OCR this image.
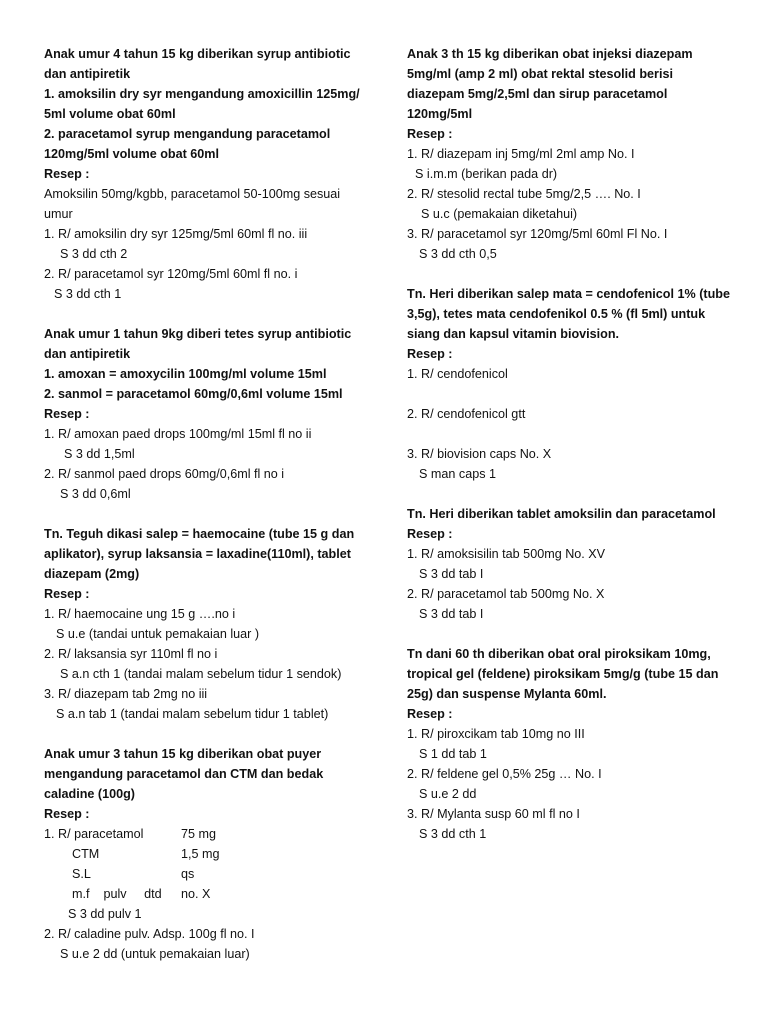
Anak umur 4 tahun 15 kg diberikan syrup antibiotic
dan antipiretik
1. amoksilin dry syr mengandung amoxicillin 125mg/
5ml volume obat 60ml
2. paracetamol syrup mengandung paracetamol
120mg/5ml volume obat 60ml
Resep :
Amoksilin 50mg/kgbb, paracetamol 50-100mg sesuai
umur
1. R/ amoksilin dry syr 125mg/5ml 60ml fl no. iii
S 3 dd cth 2
2. R/ paracetamol syr 120mg/5ml 60ml fl no. i
S 3 dd cth 1
Anak umur 1 tahun 9kg diberi tetes syrup antibiotic
dan antipiretik
1. amoxan = amoxycilin 100mg/ml volume 15ml
2. sanmol = paracetamol 60mg/0,6ml volume 15ml
Resep :
1. R/ amoxan paed drops 100mg/ml 15ml fl no ii
S 3 dd 1,5ml
2. R/ sanmol paed drops 60mg/0,6ml fl no i
S 3 dd 0,6ml
Tn. Teguh dikasi salep = haemocaine (tube 15 g dan
aplikator), syrup laksansia = laxadine(110ml), tablet
diazepam (2mg)
Resep :
1. R/ haemocaine ung 15 g ….no i
S u.e (tandai untuk pemakaian luar )
2. R/ laksansia syr 110ml fl no i
S a.n cth 1 (tandai malam sebelum tidur 1 sendok)
3. R/ diazepam tab 2mg no iii
S a.n tab 1 (tandai malam sebelum tidur 1 tablet)
Anak umur 3 tahun 15 kg diberikan obat puyer
mengandung paracetamol dan CTM dan bedak
caladine (100g)
Resep :
1. R/ paracetamol	75 mg
CTM	1,5 mg
S.L	qs
m.f    pulv     dtd	no. X
S 3 dd pulv 1
2. R/ caladine pulv. Adsp. 100g fl no. I
S u.e 2 dd (untuk pemakaian luar)
Anak 3 th 15 kg diberikan obat injeksi diazepam
5mg/ml (amp 2 ml) obat rektal stesolid berisi
diazepam 5mg/2,5ml dan sirup paracetamol
120mg/5ml
Resep :
1. R/ diazepam inj 5mg/ml 2ml amp No. I
S i.m.m (berikan pada dr)
2. R/ stesolid rectal tube 5mg/2,5 …. No. I
S u.c (pemakaian diketahui)
3. R/ paracetamol syr 120mg/5ml 60ml Fl No. I
S 3 dd cth 0,5
Tn. Heri diberikan salep mata = cendofenicol 1% (tube
3,5g), tetes mata cendofenikol 0.5 % (fl 5ml) untuk
siang dan kapsul vitamin biovision.
Resep :
1. R/ cendofenicol
2. R/ cendofenicol gtt
3. R/ biovision caps No. X
S man caps 1
Tn. Heri diberikan tablet amoksilin dan paracetamol
Resep :
1. R/ amoksisilin tab 500mg No. XV
S 3 dd tab I
2. R/ paracetamol tab 500mg No. X
S 3 dd tab I
Tn dani 60 th diberikan obat oral piroksikam 10mg,
tropical gel (feldene) piroksikam 5mg/g (tube 15 dan
25g) dan suspense Mylanta 60ml.
Resep :
1. R/ piroxcikam tab 10mg no III
S 1 dd tab 1
2. R/ feldene gel 0,5% 25g … No. I
S u.e 2 dd
3. R/ Mylanta susp 60 ml fl no I
S 3 dd cth 1
